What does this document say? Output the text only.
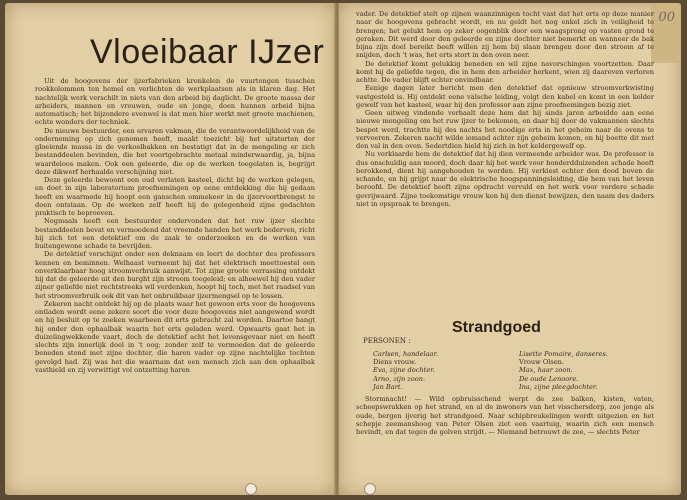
Vloeibaar IJzer

Uit de hoogovens der ijzerfabrieken kronkelen de vuurtongen tusschen rookkolommen ten hemel en verlichten de werkplaatsen als in klaren dag. Het nachtelijk werk verschilt in niets van den arbeid bij daglicht. De groote massa der arbeiders, mannen en vrouwen, oude en jonge, doen hunnen arbeid bijna automatisch; het bijzondere evenwel is dat men hier werkt met groote machienen, echte wonders der techniek.

De nieuwe bestuurder, een ervaren vakman, die de verantwoordelijkheid van de onderneming op zich genomen heeft, maakt toezicht bij het uitstorten der gloeiende massa in de verkoelbakken en bestatigt dat in de mengeling er zich bestanddeelen bevinden, die het voortgebrachte metaal minderwaardig, ja, bijna waardeloos maken. Ook een geleerde, die op de werken toegelaten is, begrijpt deze dikwerf herhaalde verschijning niet.

Deze geleerde bewoont een oud verlaten kasteel, dicht bij de werken gelegen, en doet in zijn laboratorium proefnemingen op eene ontdekking die hij gedaan heeft en waarmede hij hoopt een ganschen ommekeer in de ijzervoortbrengst te doen ontstaan. Op de werken zelf heeft hij de gelegenheid zijne gedachten praktisch te beproeven.

Nogmaals heeft een bestuurder ondervonden dat het ruw ijzer slechte bestanddeelen bevat en vermoedend dat vreemde handen het werk bederven, richt hij zich tot een detektief om de zaak te onderzoeken en de werken van buitengewone schade te bevrijden.

De detektief verschijnt onder een deknaam en leert de dochter des professors kennen en beminnen. Welhaast verneemt hij dat het elektrisch meettoestel een onverklaarbaar hoog stroomverbruik aanwijst. Tot zijne groote verrassing ontdekt hij dat de geleerde uit den burght zijn stroom toegeleid; en alhoewel hij den vader zijner geliefde niet rechtstreeks wil verdenken, hoopt hij toch, met het raadsel van het stroomverbruik ook dit van het onbruikbaar ijzermengsel op te lossen.

Zekeren nacht ontdekt hij op de plaats waar het gewoon erts voor de hoogovens ontladen wordt eene zekere soort die voor deze hoogovens niet aangewend wordt en hij besluit op te zoeken waarheen dit erts gebracht zal worden. Daartoe hangt hij onder den ophaalbak waarin het erts geladen werd. Opwaarts gaat het in duizelingwekkende vaart, doch de detektief acht het levensgevaar niet en heeft slechts zijn innerlijk doel in 't oog; zonder zelf te vermoeden dat de geleerde beneden stond met zijne dochter, die haren vader op zijne nachtelijke tochten gevolgd had. Zij was het die waarnam dat een mensch zich aan den ophaalbak vasthield en zij verwittigt vol ontzetting haren

00

vader. De detektief stelt op zijnen waanzinnigen tocht vast dat het erts op deze manier naar de hoogovens gebracht wordt, en nu geldt het nog enkel zich in veiligheid te brengen; het gelukt hem op zeker oogenblik door een waagsprong op vasten grond te geraken. Dit werd door den geleerde en zijne dochter niet bemerkt en wanneer de bak bijna zijn doel bereikt beeft willen zij hem bij slaan brengen door den stroom af te snijden, doch 't was, het erts stort in den oven neer.

De detektief komt gelukkig beneden en wil zijne navorschingen voortzetten. Daar komt hij de geliefde tegen, die in hem den arbeider herkent, wien zij daareven verloren achtte. De vader blijft echter onvindbaar.

Eenige dagen later bericht men den detektief dat opnieuw stroomverkwisting vastgesteld is. Hij ontdekt eene valsche leiding, volgt den kabel en komt in een kelder gewelf van het kasteel, waar hij den professor aan zijne proefnemingen bezig ziet.

Geen uitweg vindende verhaalt deze hem dat hij sinds jaren arbeidde aan eene nieuwe mengeling om het ruw ijzer te bekomen, en daar hij door de vakmannen slechts bespot werd, trachtte hij des nachts het noodige erts in het geheim naar de ovens te vervoeren. Zekeren nacht wilde iemand achter zijn geheim komen, en hij boette dit met den val in den oven. Sedertdien hield hij zich in het keldergewelf op.

Nu verklaarde hem de detektief dat hij dien vermeende arbeider was. De professor is dus onschuldig aan moord, doch daar hij het werk voor honderdduizenden schade heeft berokkend, dient hij aangehouden te worden. Hij verkiest echter den dood boven de schande, en hij grijpt naar de elektrische hoogspanningsleiding, die hem van het leven beroofd. De detektief heeft zijne opdracht vervuld en het werk voor verdere schade gevrijwaard. Zijne toekomstige vrouw kon hij den dienst bewijzen, den naam des daders niet in opspraak te brengen.

Strandgoed
PERSONEN :
Carlsen, handelaar.
Diens vrouw.
Eva, zijne dochter.
Arno, zijn zoon.
Jan Bart.
Lisette Pomaire, danseres.
Vrouw Olsen.
Max, haar zoon.
De oude Lenoore.
Ina, zijne pleegdochter.

Stormnacht! — Wild opbruisschend werpt de zee balken, kisten, vaten, scheepswrakken op het strand, en al de inwoners van het visschersdorp, zoo jonge als oude, bergen ijverig het strandgoed. Naar schipbreukelingen wordt uitgezien en het schepje zeemanshoog van Peter Olsen ziet een vaartuig, waarin zich een mensch bevindt, en dat tegen de golven strijdt. — Niemand betrouwt de zee, — slechts Peter
